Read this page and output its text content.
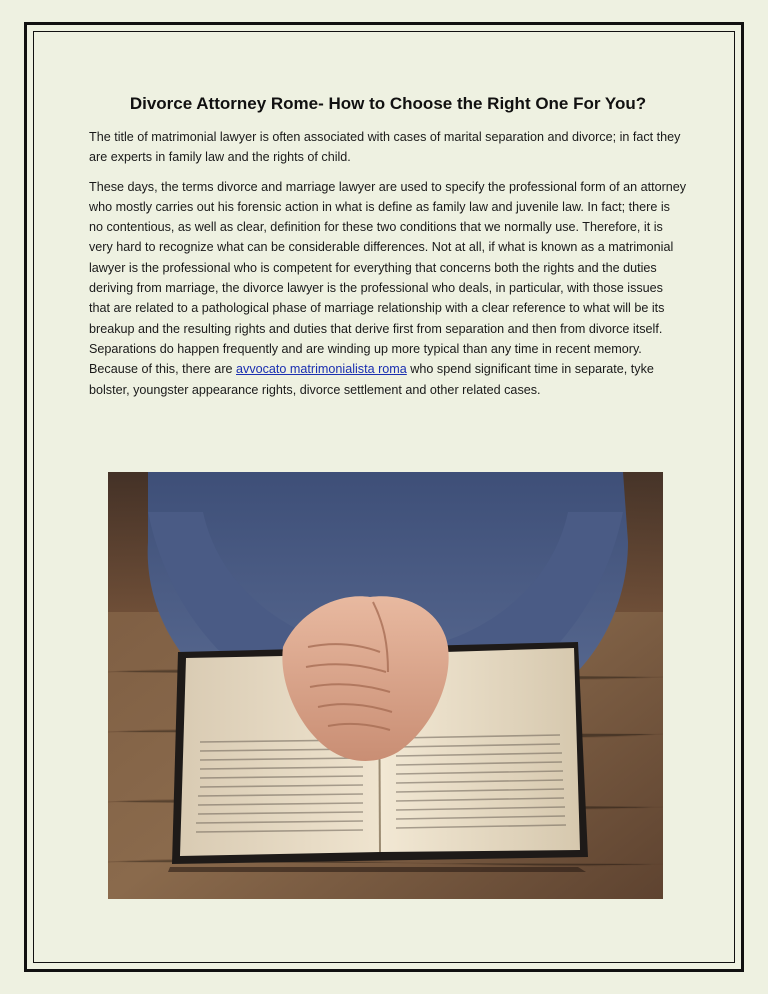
Divorce Attorney Rome- How to Choose the Right One For You?

The title of matrimonial lawyer is often associated with cases of marital separation and divorce; in fact they are experts in family law and the rights of child.

These days, the terms divorce and marriage lawyer are used to specify the professional form of an attorney who mostly carries out his forensic action in what is define as family law and juvenile law. In fact; there is no contentious, as well as clear, definition for these two conditions that we normally use. Therefore, it is very hard to recognize what can be considerable differences. Not at all, if what is known as a matrimonial lawyer is the professional who is competent for everything that concerns both the rights and the duties deriving from marriage, the divorce lawyer is the professional who deals, in particular, with those issues that are related to a pathological phase of marriage relationship with a clear reference to what will be its breakup and the resulting rights and duties that derive first from separation and then from divorce itself. Separations do happen frequently and are winding up more typical than any time in recent memory. Because of this, there are avvocato matrimonialista roma who spend significant time in separate, tyke bolster, youngster appearance rights, divorce settlement and other related cases.
